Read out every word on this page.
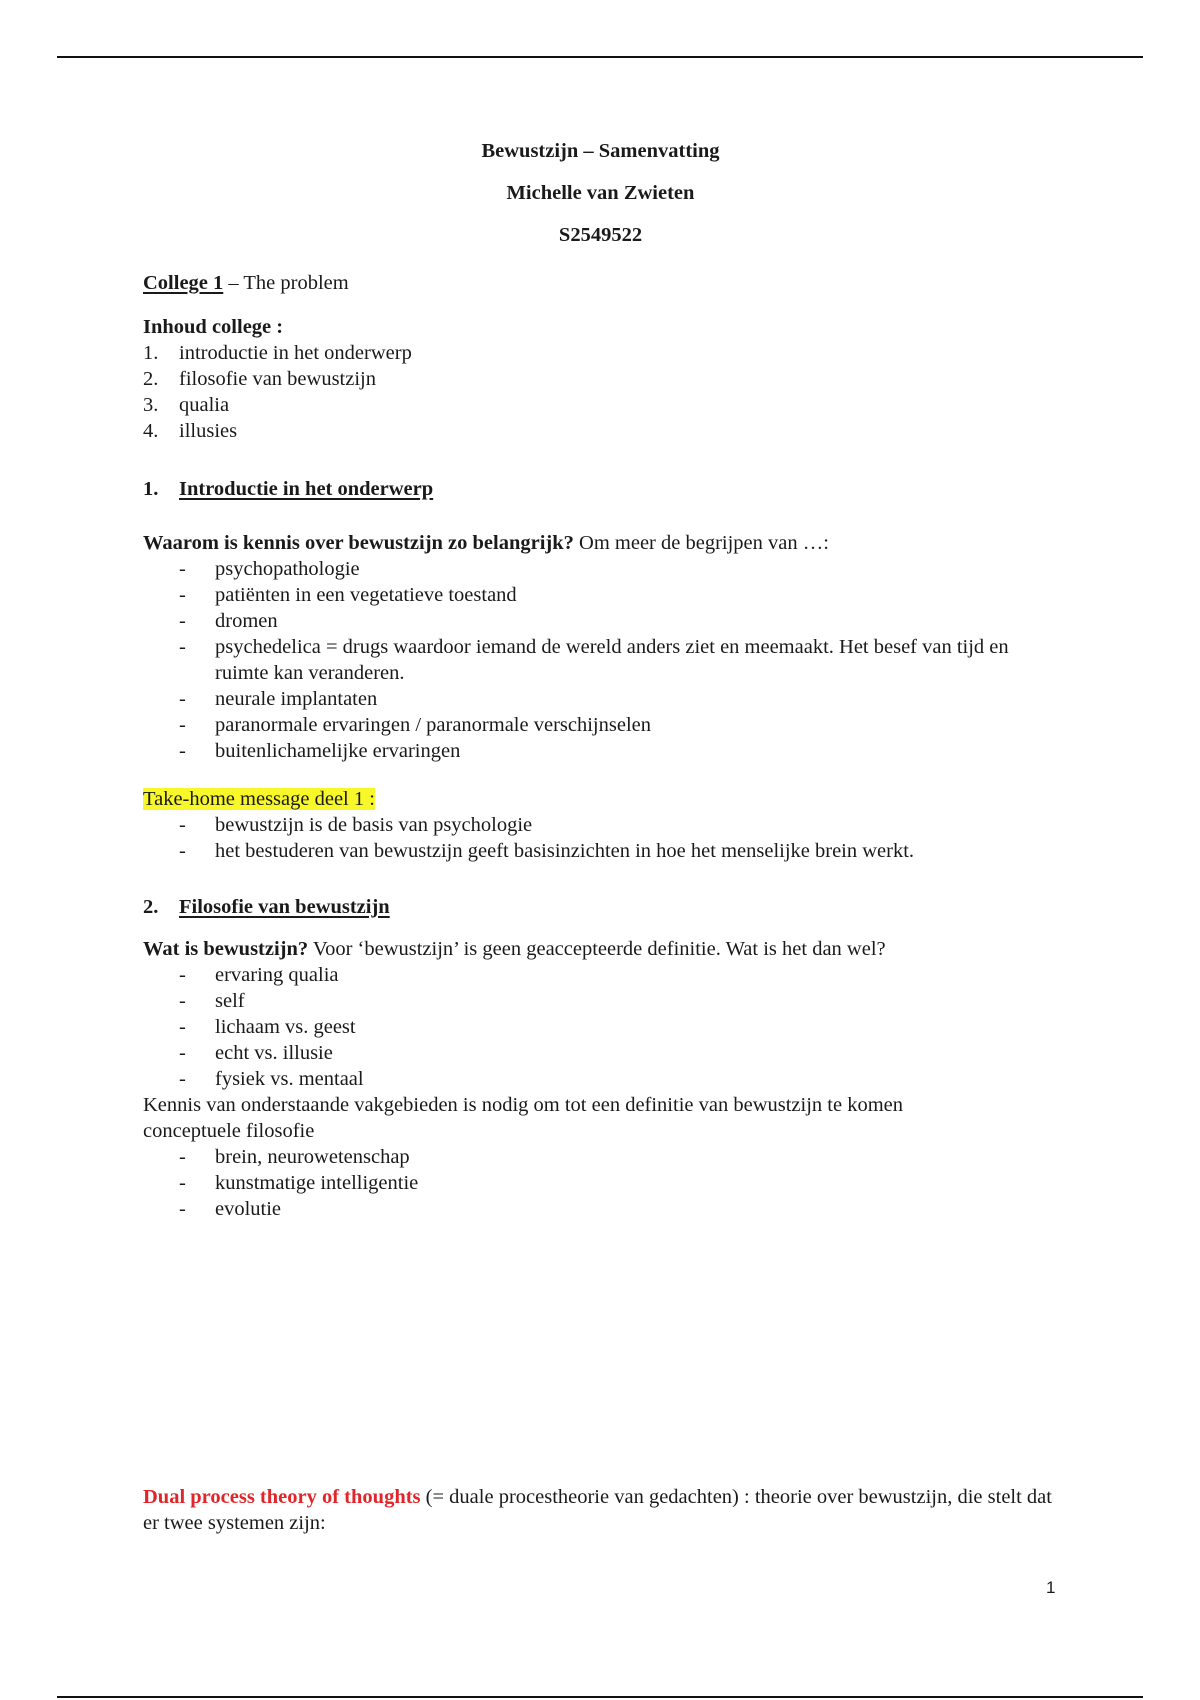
Bewustzijn – Samenvatting

Michelle van Zwieten

S2549522

College 1 – The problem
Inhoud college :
1.	introductie in het onderwerp
2.	filosofie van bewustzijn
3.	qualia
4.	illusies
1.	Introductie in het onderwerp
Waarom is kennis over bewustzijn zo belangrijk? Om meer de begrijpen van …:
-	psychopathologie
-	patiënten in een vegetatieve toestand
-	dromen
-	psychedelica = drugs waardoor iemand de wereld anders ziet en meemaakt. Het besef van tijd en ruimte kan veranderen.
-	neurale implantaten
-	paranormale ervaringen / paranormale verschijnselen
-	buitenlichamelijke ervaringen
Take-home message deel 1 :
-	bewustzijn is de basis van psychologie
-	het bestuderen van bewustzijn geeft basisinzichten in hoe het menselijke brein werkt.
2.	Filosofie van bewustzijn
Wat is bewustzijn? Voor ‘bewustzijn’ is geen geaccepteerde definitie. Wat is het dan wel?
-	ervaring qualia
-	self
-	lichaam vs. geest
-	echt vs. illusie
-	fysiek vs. mentaal
Kennis van onderstaande vakgebieden is nodig om tot een definitie van bewustzijn te komen
conceptuele filosofie
-	brein, neurowetenschap
-	kunstmatige intelligentie
-	evolutie
Dual process theory of thoughts (= duale procestheorie van gedachten) : theorie over bewustzijn, die stelt dat er twee systemen zijn:
1
